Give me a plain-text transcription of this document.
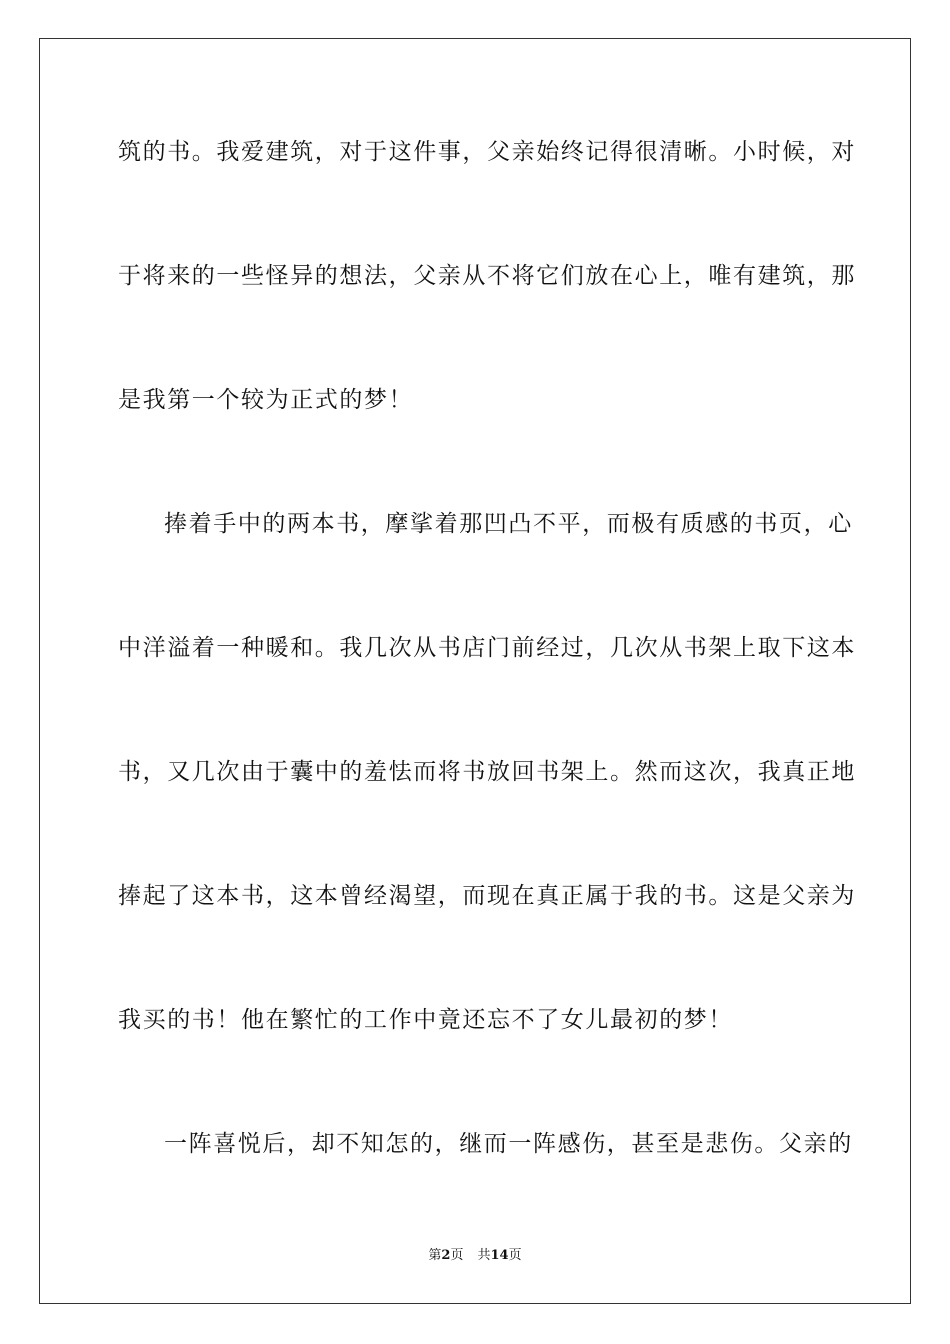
筑的书。我爱建筑，对于这件事，父亲始终记得很清晰。小时候，对
于将来的一些怪异的想法，父亲从不将它们放在心上，唯有建筑，那
是我第一个较为正式的梦！
捧着手中的两本书，摩挲着那凹凸不平，而极有质感的书页，心
中洋溢着一种暖和。我几次从书店门前经过，几次从书架上取下这本
书，又几次由于囊中的羞怯而将书放回书架上。然而这次，我真正地
捧起了这本书，这本曾经渴望，而现在真正属于我的书。这是父亲为
我买的书！他在繁忙的工作中竟还忘不了女儿最初的梦！
一阵喜悦后，却不知怎的，继而一阵感伤，甚至是悲伤。父亲的
第2页 共14页
